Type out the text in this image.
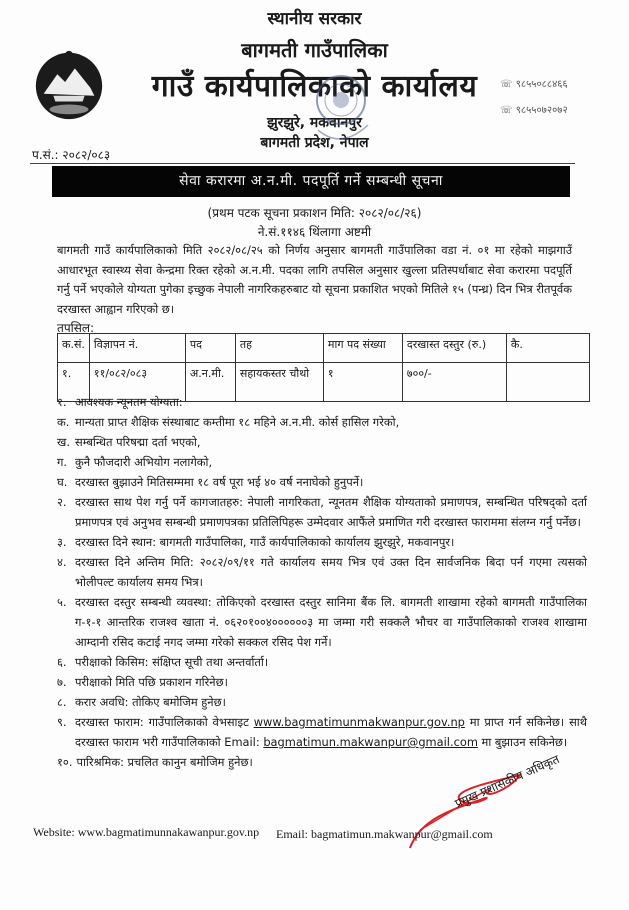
स्थानीय सरकार
बागमती गाउँपालिका
गाउँ कार्यपालिकाको कार्यालय
झुरझुरे, मकवानपुर
बागमती प्रदेश, नेपाल
☏ ९८५५०८८४६६
☏ ९८५५०७२०७२
प.सं.: २०८२/०८३
सेवा करारमा अ.न.मी. पदपूर्ति गर्ने सम्बन्धी सूचना
(प्रथम पटक सूचना प्रकाशन मिति: २०८२/०८/२६)
ने.सं.११४६ थिंलागा अष्टमी
बागमती गाउँ कार्यपालिकाको मिति २०८२/०८/२५ को निर्णय अनुसार बागमती गाउँपालिका वडा नं. ०१ मा रहेको माझगाउँ आधारभूत स्वास्थ्य सेवा केन्द्रमा रिक्त रहेको अ.न.मी. पदका लागि तपसिल अनुसार खुल्ला प्रतिस्पर्धाबाट सेवा करारमा पदपूर्ति गर्नु पर्ने भएकोले योग्यता पुगेका इच्छुक नेपाली नागरिकहरुबाट यो सूचना प्रकाशित भएको मितिले १५ (पन्ध्र) दिन भित्र रीतपूर्वक दरखास्त आह्वान गरिएको छ।
तपसिल:
क.सं.	विज्ञापन नं.	पद	तह	माग पद संख्या	दरखास्त दस्तुर (रु.)	कै.
१.	११/०८२/०८३	अ.न.मी.	सहायकस्तर चौथो	१	७००/-	
१. आवश्यक न्यूनतम योग्यता:
क. मान्यता प्राप्त शैक्षिक संस्थाबाट कम्तीमा १८ महिने अ.न.मी. कोर्स हासिल गरेको,
ख. सम्बन्धित परिषद्मा दर्ता भएको,
ग. कुनै फौजदारी अभियोग नलागेको,
घ. दरखास्त बुझाउने मितिसम्ममा १८ वर्ष पूरा भई ४० वर्ष ननाघेको हुनुपर्ने।
२. दरखास्त साथ पेश गर्नु पर्ने कागजातहरु: नेपाली नागरिकता, न्यूनतम शैक्षिक योग्यताको प्रमाणपत्र, सम्बन्धित परिषद्को दर्ता प्रमाणपत्र एवं अनुभव सम्बन्धी प्रमाणपत्रका प्रतिलिपिहरू उम्मेदवार आफैंले प्रमाणित गरी दरखास्त फाराममा संलग्न गर्नु पर्नेछ।
३. दरखास्त दिने स्थान: बागमती गाउँपालिका, गाउँ कार्यपालिकाको कार्यालय झुरझुरे, मकवानपुर।
४. दरखास्त दिने अन्तिम मिति: २०८२/०९/११ गते कार्यालय समय भित्र एवं उक्त दिन सार्वजनिक बिदा पर्न गएमा त्यसको भोलीपल्ट कार्यालय समय भित्र।
५. दरखास्त दस्तुर सम्बन्धी व्यवस्था: तोकिएको दरखास्त दस्तुर सानिमा बैंक लि. बागमती शाखामा रहेको बागमती गाउँपालिका ग-१-१ आन्तरिक राजश्व खाता नं. ०६२०१००४००००००३ मा जम्मा गरी सक्कलै भौचर वा गाउँपालिकाको राजश्व शाखामा आम्दानी रसिद कटाई नगद जम्मा गरेको सक्कल रसिद पेश गर्ने।
६. परीक्षाको किसिम: संक्षिप्त सूची तथा अन्तर्वार्ता।
७. परीक्षाको मिति पछि प्रकाशन गरिनेछ।
८. करार अवधि: तोकिए बमोजिम हुनेछ।
९. दरखास्त फाराम: गाउँपालिकाको वेभसाइट www.bagmatimunmakwanpur.gov.np मा प्राप्त गर्न सकिनेछ। साथै दरखास्त फाराम भरी गाउँपालिकाको Email: bagmatimun.makwanpur@gmail.com मा बुझाउन सकिनेछ।
१०. पारिश्रमिक: प्रचलित कानुन बमोजिम हुनेछ।	प्रमुख प्रशासकीय अधिकृत
Website: www.bagmatimunnakawanpur.gov.np Email: bagmatimun.makwanpur@gmail.com
